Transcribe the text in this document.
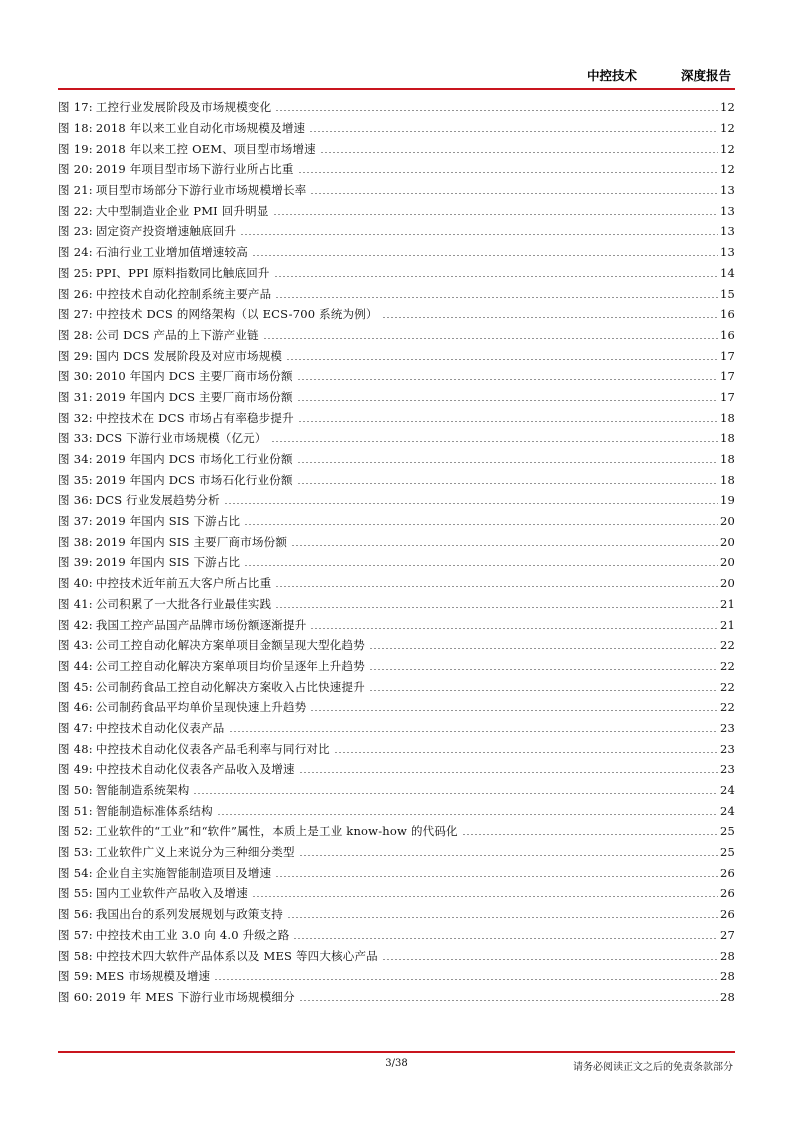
中控技术	深度报告
图 17: 工控行业发展阶段及市场规模变化	12
图 18: 2018 年以来工业自动化市场规模及增速	12
图 19: 2018 年以来工控 OEM、项目型市场增速	12
图 20: 2019 年项目型市场下游行业所占比重	12
图 21: 项目型市场部分下游行业市场规模增长率	13
图 22: 大中型制造业企业 PMI 回升明显	13
图 23: 固定资产投资增速触底回升	13
图 24: 石油行业工业增加值增速较高	13
图 25: PPI、PPI 原料指数同比触底回升	14
图 26: 中控技术自动化控制系统主要产品	15
图 27: 中控技术 DCS 的网络架构（以 ECS-700 系统为例）	16
图 28: 公司 DCS 产品的上下游产业链	16
图 29: 国内 DCS 发展阶段及对应市场规模	17
图 30: 2010 年国内 DCS 主要厂商市场份额	17
图 31: 2019 年国内 DCS 主要厂商市场份额	17
图 32: 中控技术在 DCS 市场占有率稳步提升	18
图 33: DCS 下游行业市场规模（亿元）	18
图 34: 2019 年国内 DCS 市场化工行业份额	18
图 35: 2019 年国内 DCS 市场石化行业份额	18
图 36: DCS 行业发展趋势分析	19
图 37: 2019 年国内 SIS 下游占比	20
图 38: 2019 年国内 SIS 主要厂商市场份额	20
图 39: 2019 年国内 SIS 下游占比	20
图 40: 中控技术近年前五大客户所占比重	20
图 41: 公司积累了一大批各行业最佳实践	21
图 42: 我国工控产品国产品牌市场份额逐渐提升	21
图 43: 公司工控自动化解决方案单项目金额呈现大型化趋势	22
图 44: 公司工控自动化解决方案单项目均价呈逐年上升趋势	22
图 45: 公司制药食品工控自动化解决方案收入占比快速提升	22
图 46: 公司制药食品平均单价呈现快速上升趋势	22
图 47: 中控技术自动化仪表产品	23
图 48: 中控技术自动化仪表各产品毛利率与同行对比	23
图 49: 中控技术自动化仪表各产品收入及增速	23
图 50: 智能制造系统架构	24
图 51: 智能制造标准体系结构	24
图 52: 工业软件的“工业”和“软件”属性，本质上是工业 know-how 的代码化	25
图 53: 工业软件广义上来说分为三种细分类型	25
图 54: 企业自主实施智能制造项目及增速	26
图 55: 国内工业软件产品收入及增速	26
图 56: 我国出台的系列发展规划与政策支持	26
图 57: 中控技术由工业 3.0 向 4.0 升级之路	27
图 58: 中控技术四大软件产品体系以及 MES 等四大核心产品	28
图 59: MES 市场规模及增速	28
图 60: 2019 年 MES 下游行业市场规模细分	28
3/38	请务必阅读正文之后的免责条款部分
